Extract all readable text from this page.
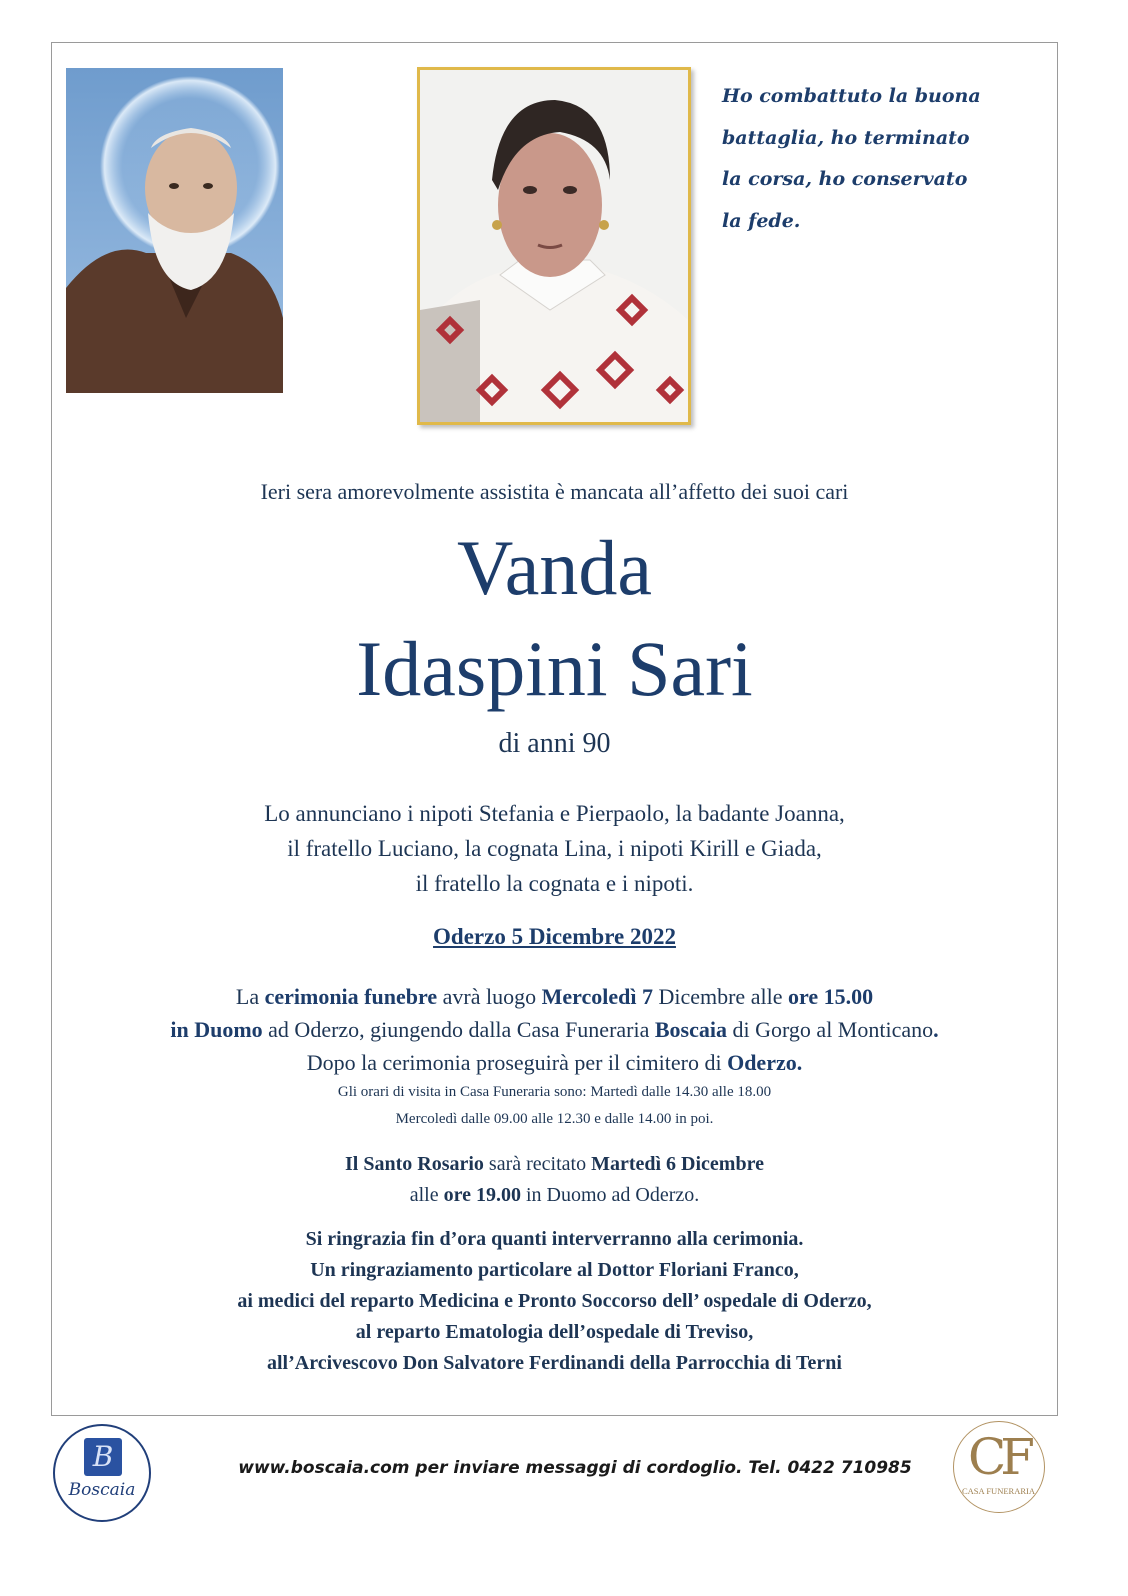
Ho combattuto la buona
battaglia, ho terminato
la corsa, ho conservato
la fede.
Ieri sera amorevolmente assistita è mancata all’affetto dei suoi cari
Vanda
Idaspini Sari
di anni 90
Lo annunciano i nipoti Stefania e Pierpaolo, la badante Joanna,
il fratello Luciano, la cognata Lina, i nipoti Kirill e Giada,
il fratello la cognata e i nipoti.
Oderzo 5 Dicembre 2022
La cerimonia funebre avrà luogo Mercoledì 7 Dicembre alle ore 15.00
in Duomo ad Oderzo, giungendo dalla Casa Funeraria Boscaia di Gorgo al Monticano.
Dopo la cerimonia proseguirà per il cimitero di Oderzo.
Gli orari di visita in Casa Funeraria sono: Martedì dalle 14.30 alle 18.00
Mercoledì dalle 09.00 alle 12.30 e dalle 14.00 in poi.
Il Santo Rosario sarà recitato Martedì 6 Dicembre
alle ore 19.00 in Duomo ad Oderzo.
Si ringrazia fin d’ora quanti interverranno alla cerimonia.
Un ringraziamento particolare al Dottor Floriani Franco,
ai medici del reparto Medicina e Pronto Soccorso dell’ ospedale di Oderzo,
al reparto Ematologia dell’ospedale di Treviso,
all’Arcivescovo Don Salvatore Ferdinandi della Parrocchia di Terni
B
Boscaia
www.boscaia.com per inviare messaggi di cordoglio. Tel. 0422 710985	CF
CASA FUNERARIA
